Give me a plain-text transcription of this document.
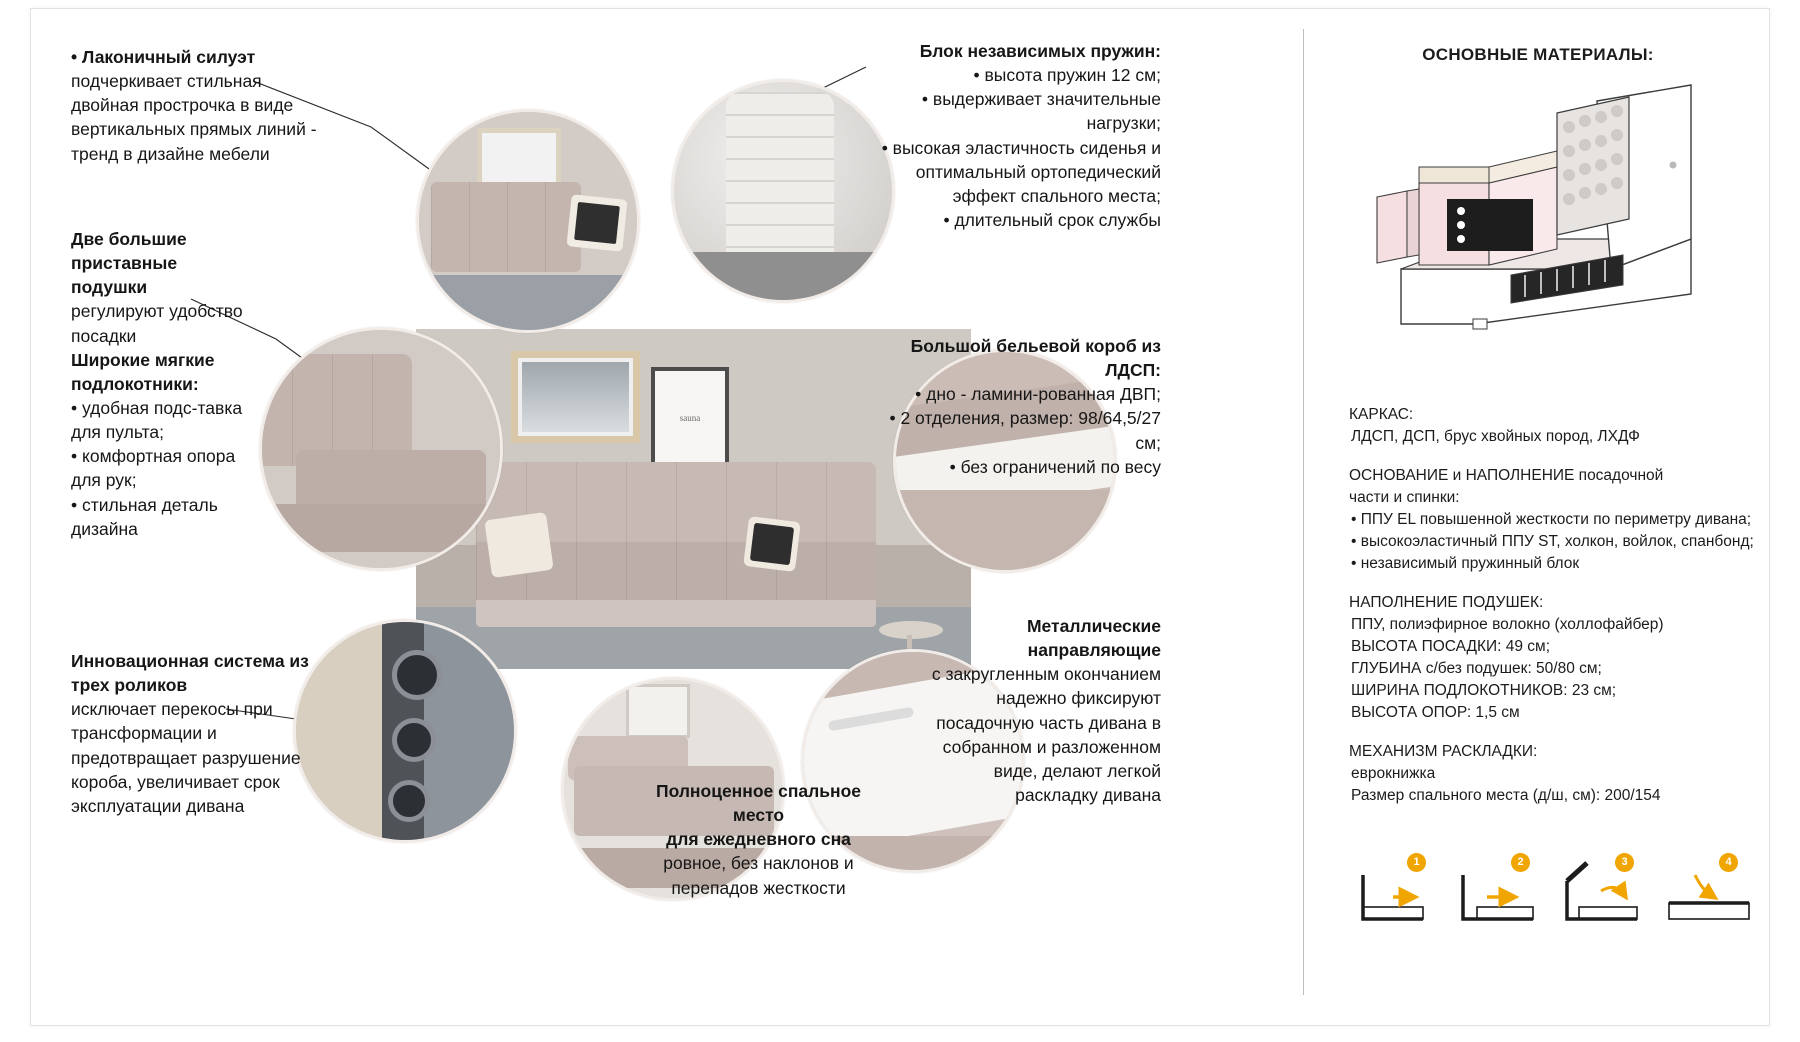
sauna
• Лаконичный силуэт
подчеркивает стильная двойная прострочка в виде вертикальных прямых линий - тренд в дизайне мебели
Две большие приставные подушки
регулируют удобство посадки
Широкие мягкие подлокотники:
• удобная подс-тавка для пульта;
• комфортная опора для рук;
• стильная деталь дизайна
Инновационная система из трех роликов
исключает перекосы при трансформации и предотвращает разрушение короба, увеличивает срок эксплуатации дивана
Блок независимых пружин:
• высота пружин 12 см;
• выдерживает значительные нагрузки;
• высокая эластичность сиденья и оптимальный ортопедический эффект спального места;
• длительный срок службы
Большой бельевой короб из ЛДСП:
• дно - ламини-рованная ДВП;
• 2 отделения, размер: 98/64,5/27 см;
• без ограничений по весу
Металлические направляющие
с закругленным окончанием надежно фиксируют посадочную часть дивана в собранном и разложенном виде, делают легкой раскладку дивана
Полноценное спальное место
для ежедневного сна
ровное, без наклонов и перепадов жесткости
ОСНОВНЫЕ МАТЕРИАЛЫ:
КАРКАС:
ЛДСП, ДСП, брус хвойных пород, ЛХДФ
ОСНОВАНИЕ и НАПОЛНЕНИЕ посадочной
части и спинки:
• ППУ EL повышенной жесткости по периметру дивана;
• высокоэластичный ППУ ST, холкон, войлок, спанбонд;
• независимый пружинный блок
НАПОЛНЕНИЕ ПОДУШЕК:
ППУ, полиэфирное волокно (холлофайбер)
ВЫСОТА ПОСАДКИ: 49 см;
ГЛУБИНА с/без подушек: 50/80 см;
ШИРИНА ПОДЛОКОТНИКОВ: 23 см;
ВЫСОТА ОПОР: 1,5 см
МЕХАНИЗМ РАСКЛАДКИ:
еврокнижка
Размер спального места (д/ш, см): 200/154
1	2	3	4
